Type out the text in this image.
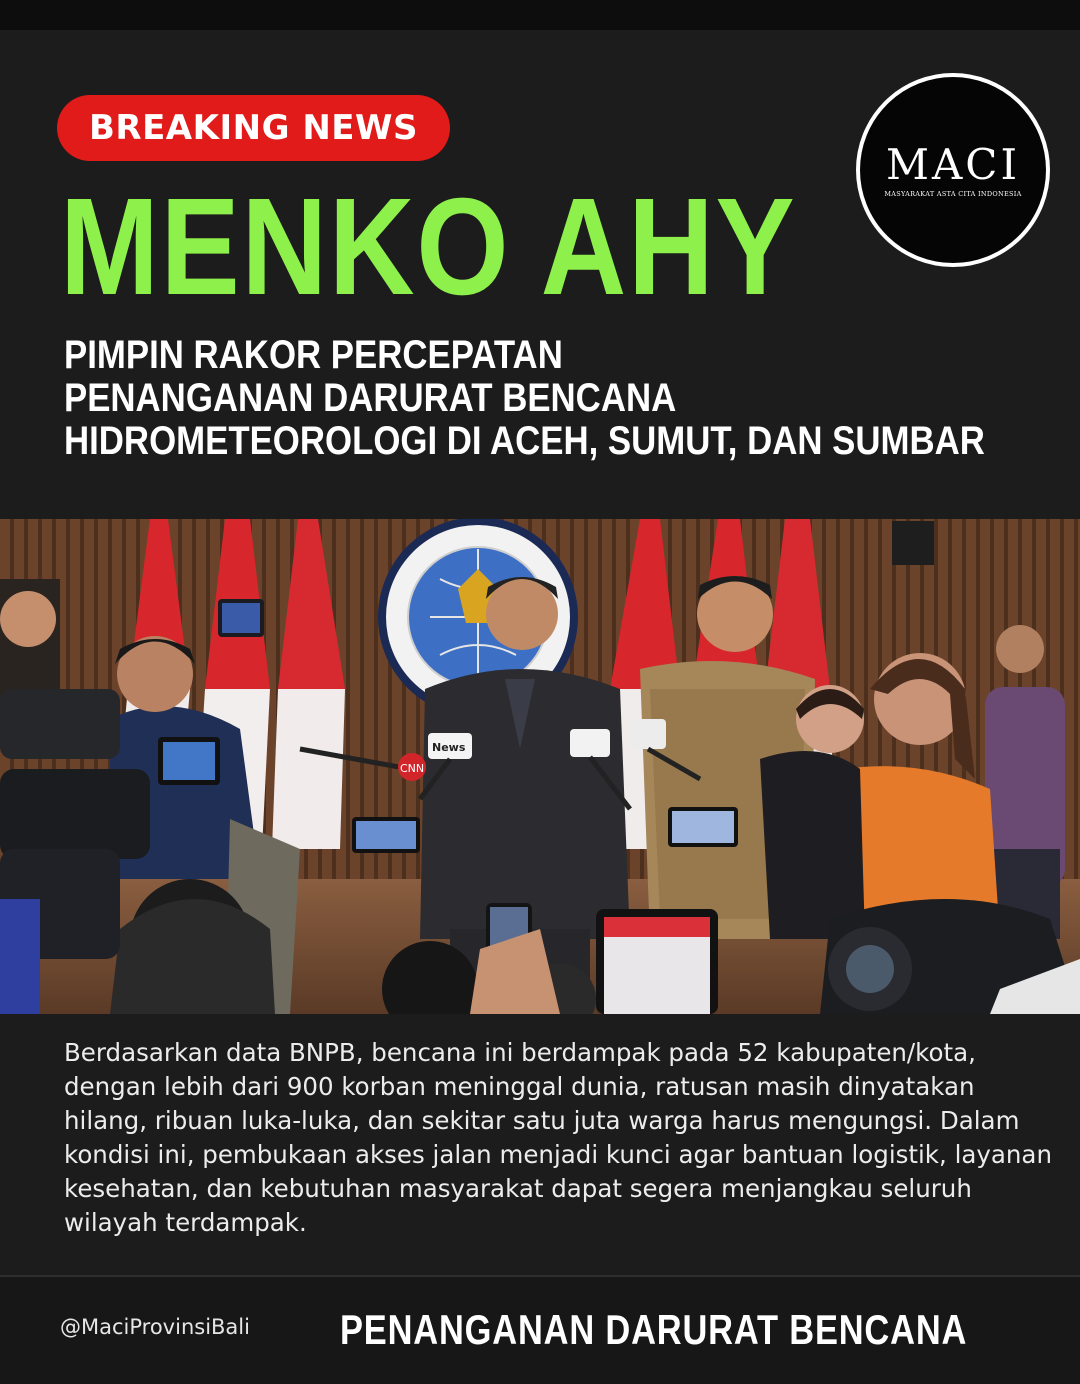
BREAKING NEWS
MACI
MASYARAKAT ASTA CITA INDONESIA
MENKO AHY
PIMPIN RAKOR PERCEPATAN
PENANGANAN DARURAT BENCANA
HIDROMETEOROLOGI DI ACEH, SUMUT, DAN SUMBAR
CNN
News
Berdasarkan data BNPB, bencana ini berdampak pada 52 kabupaten/kota, dengan lebih dari 900 korban meninggal dunia, ratusan masih dinyatakan hilang, ribuan luka-luka, dan sekitar satu juta warga harus mengungsi. Dalam kondisi ini, pembukaan akses jalan menjadi kunci agar bantuan logistik, layanan kesehatan, dan kebutuhan masyarakat dapat segera menjangkau seluruh wilayah terdampak.
@MaciProvinsiBali PENANGANAN DARURAT BENCANA
